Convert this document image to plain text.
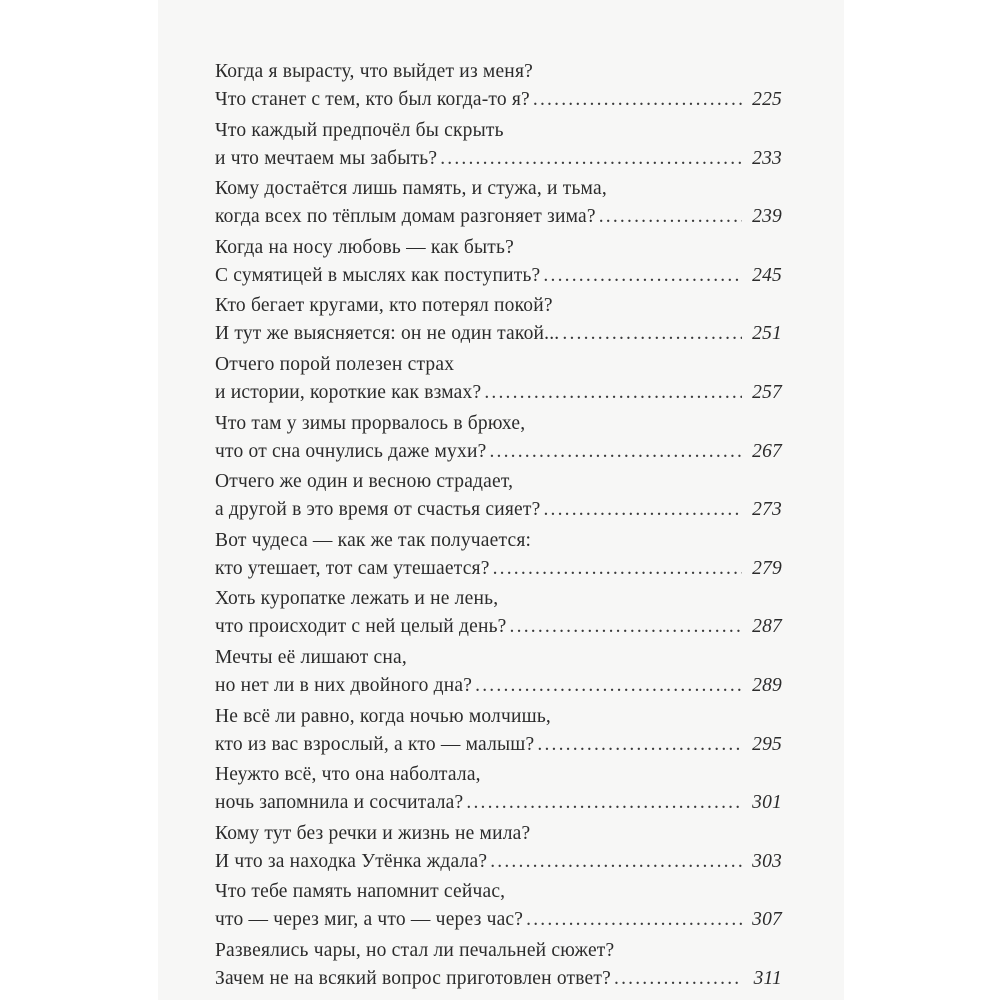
Когда я вырасту, что выйдет из меня?
Что станет с тем, кто был когда-то я? .....	225
Что каждый предпочёл бы скрыть
и что мечтаем мы забыть? .....	233
Кому достаётся лишь память, и стужа, и тьма,
когда всех по тёплым домам разгоняет зима? .....	239
Когда на носу любовь — как быть?
С сумятицей в мыслях как поступить? .....	245
Кто бегает кругами, кто потерял покой?
И тут же выясняется: он не один такой... .....	251
Отчего порой полезен страх
и истории, короткие как взмах? .....	257
Что там у зимы прорвалось в брюхе,
что от сна очнулись даже мухи? .....	267
Отчего же один и весною страдает,
а другой в это время от счастья сияет? .....	273
Вот чудеса — как же так получается:
кто утешает, тот сам утешается? .....	279
Хоть куропатке лежать и не лень,
что происходит с ней целый день? .....	287
Мечты её лишают сна,
но нет ли в них двойного дна? .....	289
Не всё ли равно, когда ночью молчишь,
кто из вас взрослый, а кто — малыш? .....	295
Неужто всё, что она наболтала,
ночь запомнила и сосчитала? .....	301
Кому тут без речки и жизнь не мила?
И что за находка Утёнка ждала? .....	303
Что тебе память напомнит сейчас,
что — через миг, а что — через час? .....	307
Развеялись чары, но стал ли печальней сюжет?
Зачем не на всякий вопрос приготовлен ответ? .....	311
